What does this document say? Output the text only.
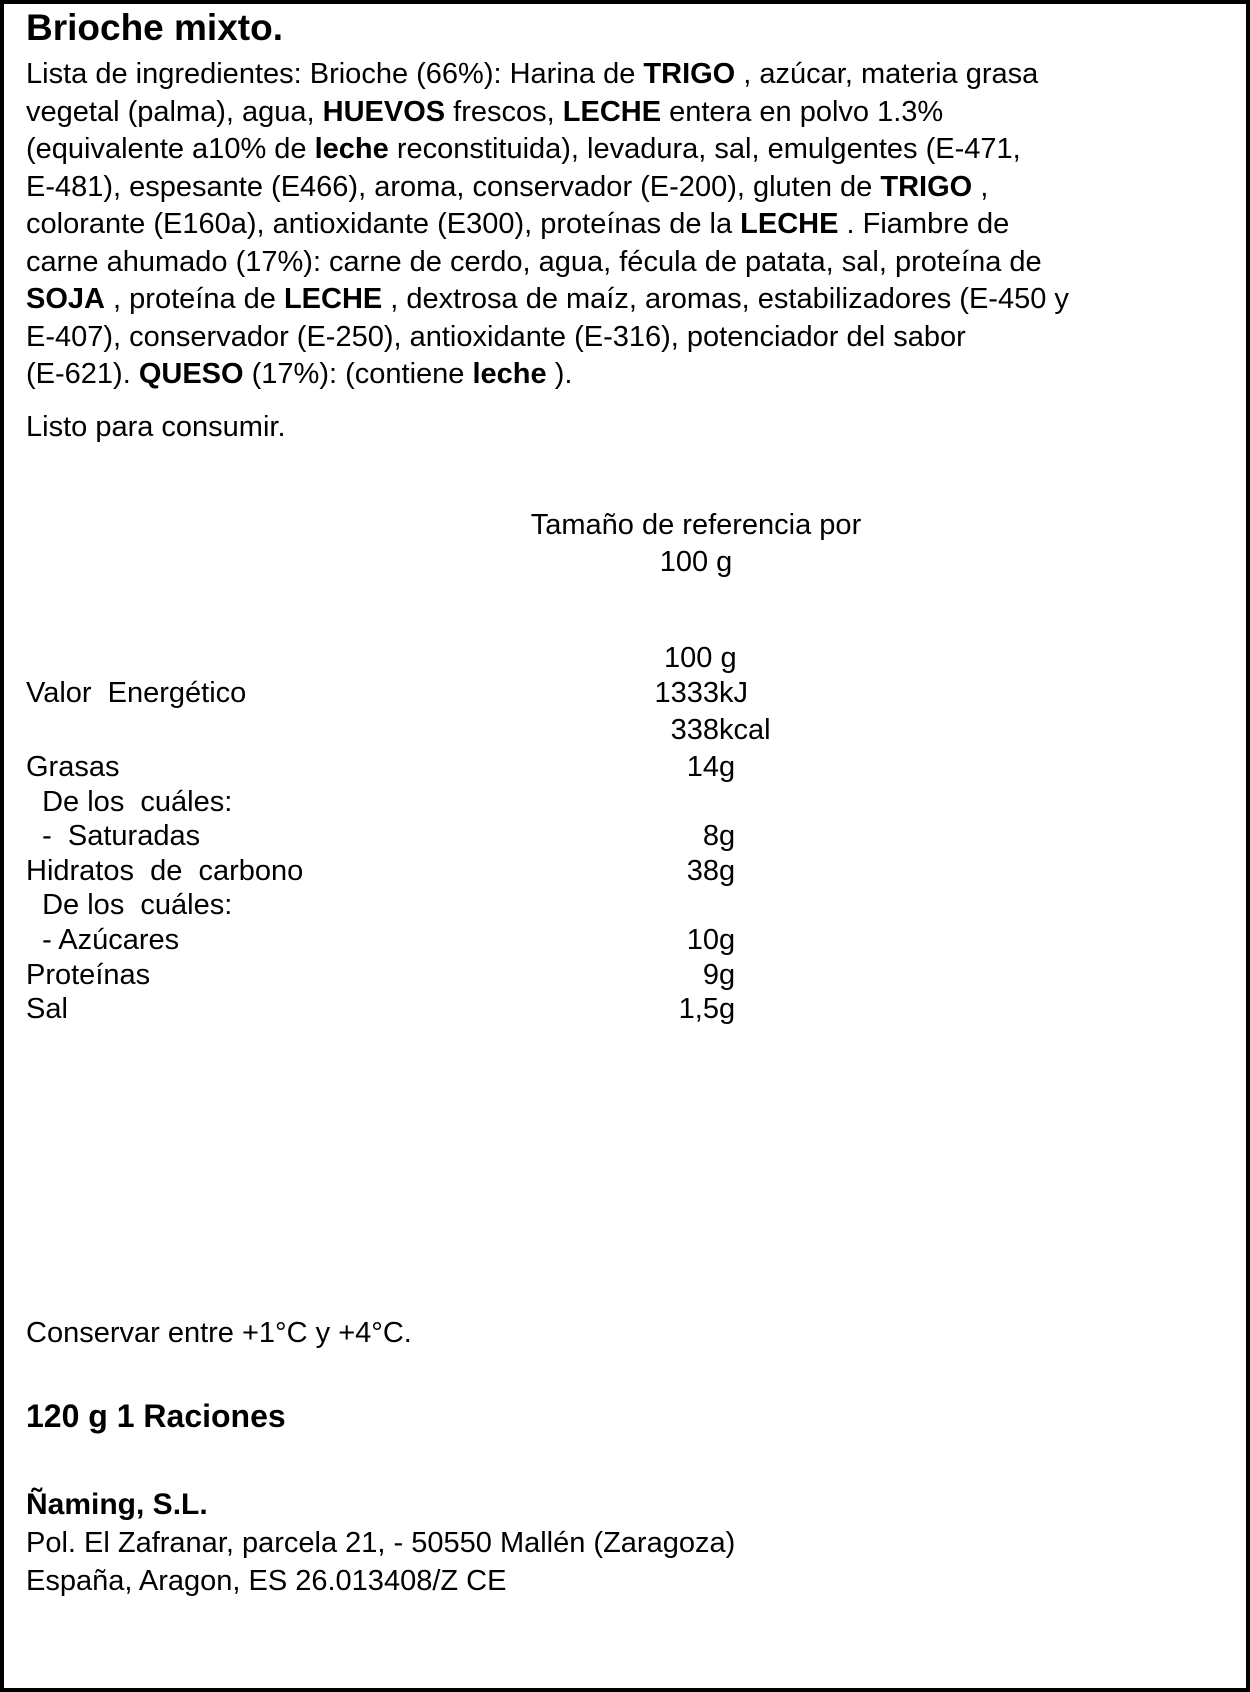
Brioche mixto.
Lista de ingredientes: Brioche (66%): Harina de TRIGO , azúcar, materia grasa
vegetal (palma), agua, HUEVOS frescos, LECHE entera en polvo 1.3%
(equivalente a10% de leche reconstituida), levadura, sal, emulgentes (E-471,
E-481), espesante (E466), aroma, conservador (E-200), gluten de TRIGO ,
colorante (E160a), antioxidante (E300), proteínas de la LECHE . Fiambre de
carne ahumado (17%): carne de cerdo, agua, fécula de patata, sal, proteína de
SOJA , proteína de LECHE , dextrosa de maíz, aromas, estabilizadores (E-450 y
E-407), conservador (E-250), antioxidante (E-316), potenciador del sabor
(E-621). QUESO (17%): (contiene leche ).
Listo para consumir.
Tamaño de referencia por
100 g
100 g
Valor  Energético	1333kJ
338kcal
Grasas	14g
De los  cuáles:
-  Saturadas	8g
Hidratos  de  carbono	38g
De los  cuáles:
- Azúcares	10g
Proteínas	9g
Sal	1,5g
Conservar entre +1°C y +4°C.
120 g 1 Raciones
Ñaming, S.L.
Pol. El Zafranar, parcela 21, - 50550 Mallén (Zaragoza)
España, Aragon, ES 26.013408/Z CE
